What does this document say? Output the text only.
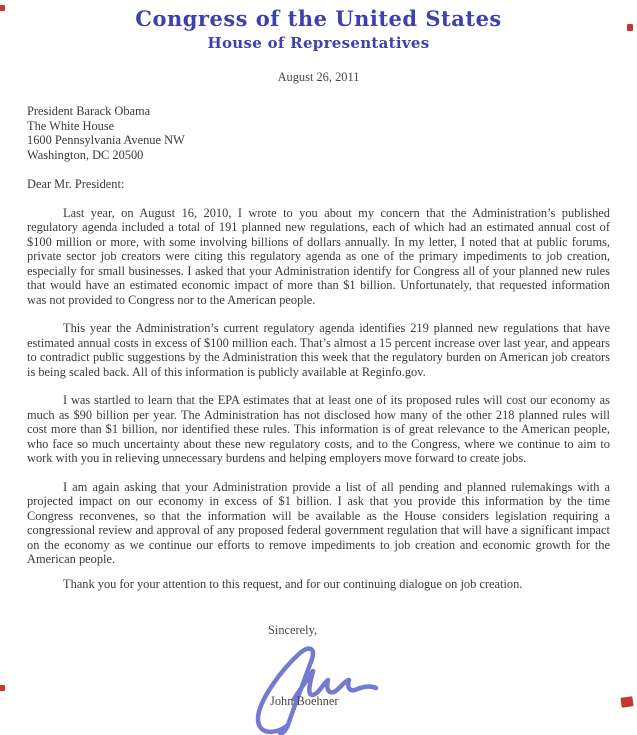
Congress of the United States
House of Representatives
August 26, 2011
President Barack Obama
The White House
1600 Pennsylvania Avenue NW
Washington, DC 20500
Dear Mr. President:

Last year, on August 16, 2010, I wrote to you about my concern that the Administration’s published regulatory agenda included a total of 191 planned new regulations, each of which had an estimated annual cost of $100 million or more, with some involving billions of dollars annually. In my letter, I noted that at public forums, private sector job creators were citing this regulatory agenda as one of the primary impediments to job creation, especially for small businesses. I asked that your Administration identify for Congress all of your planned new rules that would have an estimated economic impact of more than $1 billion. Unfortunately, that requested information was not provided to Congress nor to the American people.

This year the Administration’s current regulatory agenda identifies 219 planned new regulations that have estimated annual costs in excess of $100 million each. That’s almost a 15 percent increase over last year, and appears to contradict public suggestions by the Administration this week that the regulatory burden on American job creators is being scaled back. All of this information is publicly available at Reginfo.gov.

I was startled to learn that the EPA estimates that at least one of its proposed rules will cost our economy as much as $90 billion per year. The Administration has not disclosed how many of the other 218 planned rules will cost more than $1 billion, nor identified these rules. This information is of great relevance to the American people, who face so much uncertainty about these new regulatory costs, and to the Congress, where we continue to aim to work with you in relieving unnecessary burdens and helping employers move forward to create jobs.

I am again asking that your Administration provide a list of all pending and planned rulemakings with a projected impact on our economy in excess of $1 billion. I ask that you provide this information by the time Congress reconvenes, so that the information will be available as the House considers legislation requiring a congressional review and approval of any proposed federal government regulation that will have a significant impact on the economy as we continue our efforts to remove impediments to job creation and economic growth for the American people.

Thank you for your attention to this request, and for our continuing dialogue on job creation.

Sincerely,
John Boehner
